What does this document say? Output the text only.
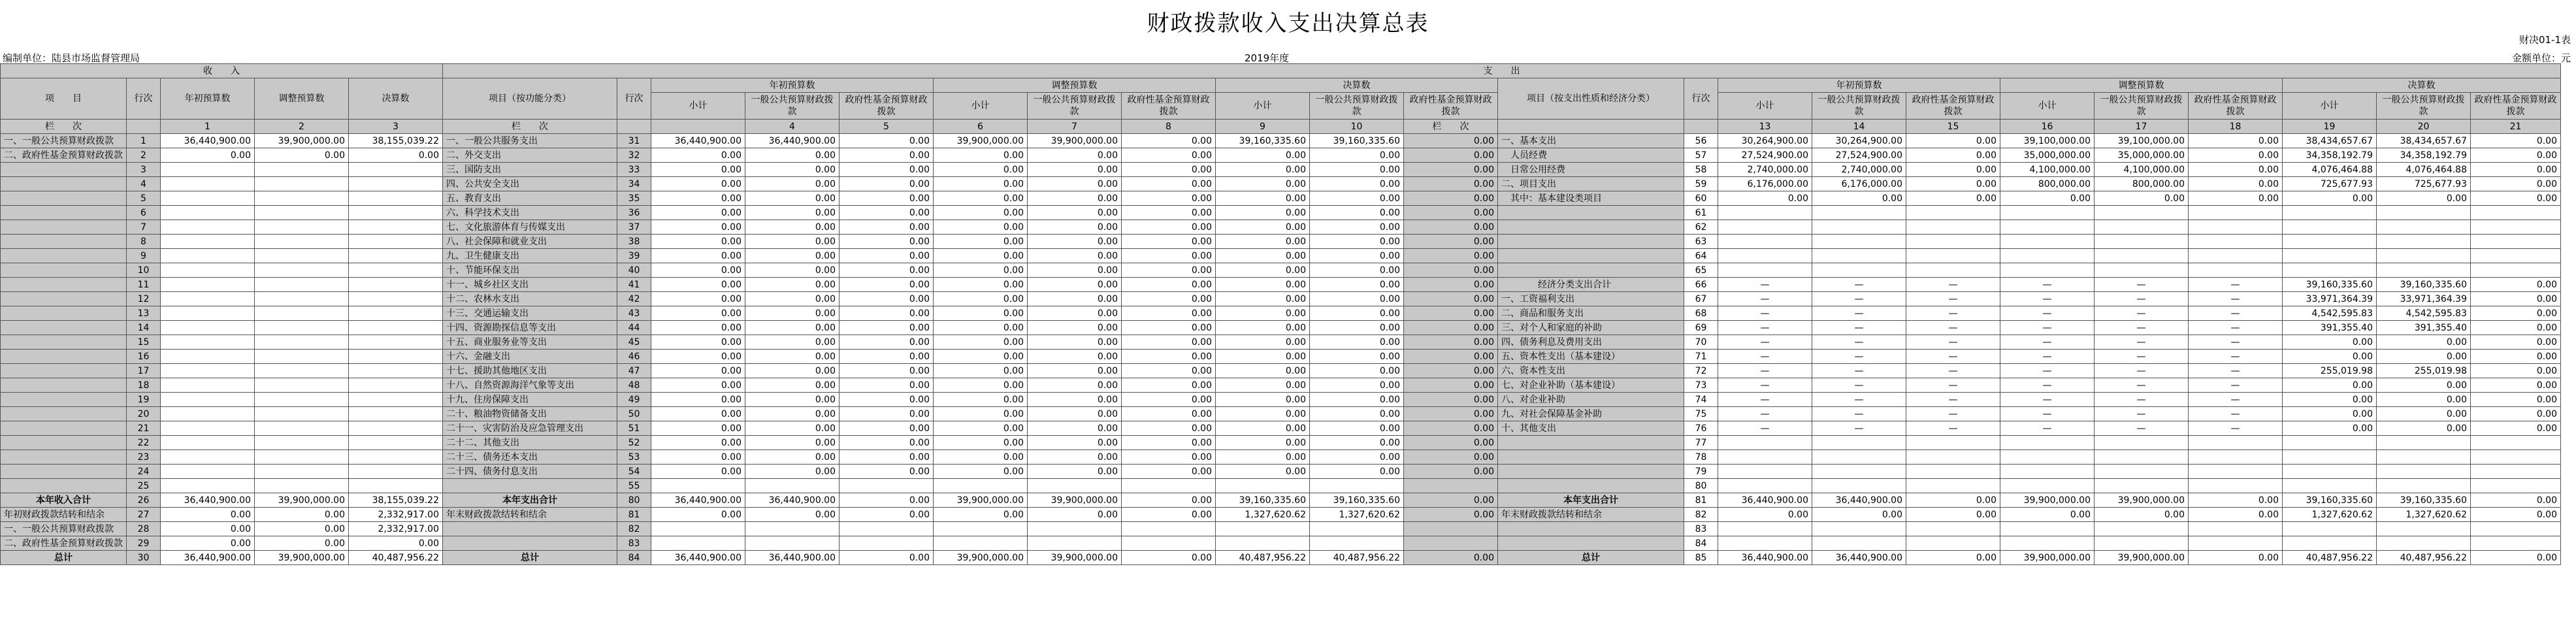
财政拨款收入支出决算总表
财决01-1表
编制单位：陆县市场监督管理局	2019年度	金额单位：元
收　　入					支　　出																					
项　　目	行次	年初预算数	调整预算数	决算数	项目（按功能分类）	行次	年初预算数			调整预算数			决算数			项目（按支出性质和经济分类）	行次	年初预算数			调整预算数			决算数		
							小计	一般公共预算财政拨款	政府性基金预算财政拨款	小计	一般公共预算财政拨款	政府性基金预算财政拨款	小计	一般公共预算财政拨款	政府性基金预算财政拨款			小计	一般公共预算财政拨款	政府性基金预算财政拨款	小计	一般公共预算财政拨款	政府性基金预算财政拨款	小计	一般公共预算财政拨款	政府性基金预算财政拨款
栏　　次		1	2	3	栏　　次			4	5	6	7	8	9	10	栏　　次			13	14	15	16	17	18	19	20	21
一、一般公共预算财政拨款	1	36,440,900.00	39,900,000.00	38,155,039.22	一、一般公共服务支出	31	36,440,900.00	36,440,900.00	0.00	39,900,000.00	39,900,000.00	0.00	39,160,335.60	39,160,335.60	0.00	一、基本支出	56	30,264,900.00	30,264,900.00	0.00	39,100,000.00	39,100,000.00	0.00	38,434,657.67	38,434,657.67	0.00
二、政府性基金预算财政拨款	2	0.00	0.00	0.00	二、外交支出	32	0.00	0.00	0.00	0.00	0.00	0.00	0.00	0.00	0.00	　人员经费	57	27,524,900.00	27,524,900.00	0.00	35,000,000.00	35,000,000.00	0.00	34,358,192.79	34,358,192.79	0.00
	3				三、国防支出	33	0.00	0.00	0.00	0.00	0.00	0.00	0.00	0.00	0.00	　日常公用经费	58	2,740,000.00	2,740,000.00	0.00	4,100,000.00	4,100,000.00	0.00	4,076,464.88	4,076,464.88	0.00
	4				四、公共安全支出	34	0.00	0.00	0.00	0.00	0.00	0.00	0.00	0.00	0.00	二、项目支出	59	6,176,000.00	6,176,000.00	0.00	800,000.00	800,000.00	0.00	725,677.93	725,677.93	0.00
	5				五、教育支出	35	0.00	0.00	0.00	0.00	0.00	0.00	0.00	0.00	0.00	　其中：基本建设类项目	60	0.00	0.00	0.00	0.00	0.00	0.00	0.00	0.00	0.00
	6				六、科学技术支出	36	0.00	0.00	0.00	0.00	0.00	0.00	0.00	0.00	0.00		61									
	7				七、文化旅游体育与传媒支出	37	0.00	0.00	0.00	0.00	0.00	0.00	0.00	0.00	0.00		62									
	8				八、社会保障和就业支出	38	0.00	0.00	0.00	0.00	0.00	0.00	0.00	0.00	0.00		63									
	9				九、卫生健康支出	39	0.00	0.00	0.00	0.00	0.00	0.00	0.00	0.00	0.00		64									
	10				十、节能环保支出	40	0.00	0.00	0.00	0.00	0.00	0.00	0.00	0.00	0.00		65									
	11				十一、城乡社区支出	41	0.00	0.00	0.00	0.00	0.00	0.00	0.00	0.00	0.00	　　　　经济分类支出合计	66	—	—	—	—	—	—	39,160,335.60	39,160,335.60	0.00
	12				十二、农林水支出	42	0.00	0.00	0.00	0.00	0.00	0.00	0.00	0.00	0.00	一、工资福利支出	67	—	—	—	—	—	—	33,971,364.39	33,971,364.39	0.00
	13				十三、交通运输支出	43	0.00	0.00	0.00	0.00	0.00	0.00	0.00	0.00	0.00	二、商品和服务支出	68	—	—	—	—	—	—	4,542,595.83	4,542,595.83	0.00
	14				十四、资源勘探信息等支出	44	0.00	0.00	0.00	0.00	0.00	0.00	0.00	0.00	0.00	三、对个人和家庭的补助	69	—	—	—	—	—	—	391,355.40	391,355.40	0.00
	15				十五、商业服务业等支出	45	0.00	0.00	0.00	0.00	0.00	0.00	0.00	0.00	0.00	四、债务利息及费用支出	70	—	—	—	—	—	—	0.00	0.00	0.00
	16				十六、金融支出	46	0.00	0.00	0.00	0.00	0.00	0.00	0.00	0.00	0.00	五、资本性支出（基本建设）	71	—	—	—	—	—	—	0.00	0.00	0.00
	17				十七、援助其他地区支出	47	0.00	0.00	0.00	0.00	0.00	0.00	0.00	0.00	0.00	六、资本性支出	72	—	—	—	—	—	—	255,019.98	255,019.98	0.00
	18				十八、自然资源海洋气象等支出	48	0.00	0.00	0.00	0.00	0.00	0.00	0.00	0.00	0.00	七、对企业补助（基本建设）	73	—	—	—	—	—	—	0.00	0.00	0.00
	19				十九、住房保障支出	49	0.00	0.00	0.00	0.00	0.00	0.00	0.00	0.00	0.00	八、对企业补助	74	—	—	—	—	—	—	0.00	0.00	0.00
	20				二十、粮油物资储备支出	50	0.00	0.00	0.00	0.00	0.00	0.00	0.00	0.00	0.00	九、对社会保障基金补助	75	—	—	—	—	—	—	0.00	0.00	0.00
	21				二十一、灾害防治及应急管理支出	51	0.00	0.00	0.00	0.00	0.00	0.00	0.00	0.00	0.00	十、其他支出	76	—	—	—	—	—	—	0.00	0.00	0.00
	22				二十二、其他支出	52	0.00	0.00	0.00	0.00	0.00	0.00	0.00	0.00	0.00		77									
	23				二十三、债务还本支出	53	0.00	0.00	0.00	0.00	0.00	0.00	0.00	0.00	0.00		78									
	24				二十四、债务付息支出	54	0.00	0.00	0.00	0.00	0.00	0.00	0.00	0.00	0.00		79									
	25					55											80									
本年收入合计	26	36,440,900.00	39,900,000.00	38,155,039.22	本年支出合计	80	36,440,900.00	36,440,900.00	0.00	39,900,000.00	39,900,000.00	0.00	39,160,335.60	39,160,335.60	0.00	本年支出合计	81	36,440,900.00	36,440,900.00	0.00	39,900,000.00	39,900,000.00	0.00	39,160,335.60	39,160,335.60	0.00
年初财政拨款结转和结余	27	0.00	0.00	2,332,917.00	年末财政拨款结转和结余	81	0.00	0.00	0.00	0.00	0.00	0.00	1,327,620.62	1,327,620.62	0.00	年末财政拨款结转和结余	82	0.00	0.00	0.00	0.00	0.00	0.00	1,327,620.62	1,327,620.62	0.00
一、一般公共预算财政拨款	28	0.00	0.00	2,332,917.00		82											83									
二、政府性基金预算财政拨款	29	0.00	0.00	0.00		83											84									
总计	30	36,440,900.00	39,900,000.00	40,487,956.22	总计	84	36,440,900.00	36,440,900.00	0.00	39,900,000.00	39,900,000.00	0.00	40,487,956.22	40,487,956.22	0.00	总计	85	36,440,900.00	36,440,900.00	0.00	39,900,000.00	39,900,000.00	0.00	40,487,956.22	40,487,956.22	0.00
